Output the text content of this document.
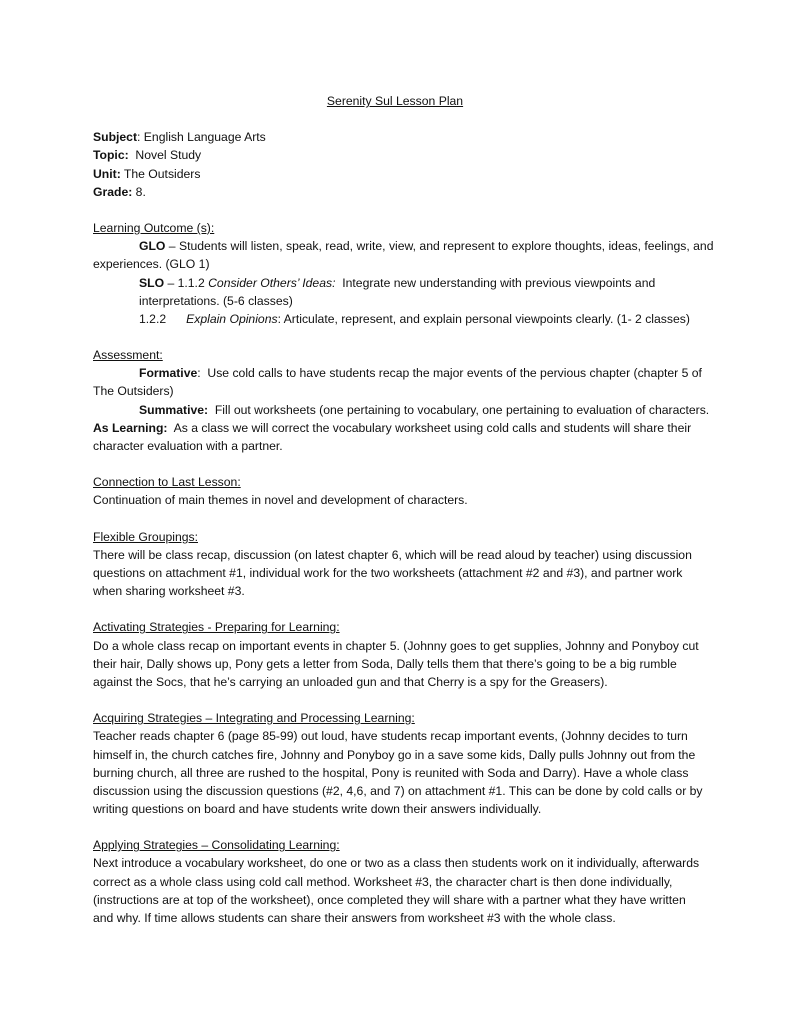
Serenity Sul Lesson Plan
Subject: English Language Arts
Topic:  Novel Study
Unit: The Outsiders
Grade: 8.
Learning Outcome (s):
GLO – Students will listen, speak, read, write, view, and represent to explore thoughts, ideas, feelings, and
experiences. (GLO 1)
SLO – 1.1.2 Consider Others’ Ideas:  Integrate new understanding with previous viewpoints and
interpretations. (5-6 classes)
1.2.2 Explain Opinions: Articulate, represent, and explain personal viewpoints clearly. (1- 2 classes)
Assessment:
Formative:  Use cold calls to have students recap the major events of the pervious chapter (chapter 5 of
The Outsiders)
Summative:  Fill out worksheets (one pertaining to vocabulary, one pertaining to evaluation of characters.
As Learning:  As a class we will correct the vocabulary worksheet using cold calls and students will share their
character evaluation with a partner.
Connection to Last Lesson:
Continuation of main themes in novel and development of characters.
Flexible Groupings:
There will be class recap, discussion (on latest chapter 6, which will be read aloud by teacher) using discussion
questions on attachment #1, individual work for the two worksheets (attachment #2 and #3), and partner work
when sharing worksheet #3.
Activating Strategies - Preparing for Learning:
Do a whole class recap on important events in chapter 5. (Johnny goes to get supplies, Johnny and Ponyboy cut
their hair, Dally shows up, Pony gets a letter from Soda, Dally tells them that there’s going to be a big rumble
against the Socs, that he’s carrying an unloaded gun and that Cherry is a spy for the Greasers).
Acquiring Strategies – Integrating and Processing Learning:
Teacher reads chapter 6 (page 85-99) out loud, have students recap important events, (Johnny decides to turn
himself in, the church catches fire, Johnny and Ponyboy go in a save some kids, Dally pulls Johnny out from the
burning church, all three are rushed to the hospital, Pony is reunited with Soda and Darry). Have a whole class
discussion using the discussion questions (#2, 4,6, and 7) on attachment #1. This can be done by cold calls or by
writing questions on board and have students write down their answers individually.
Applying Strategies – Consolidating Learning:
Next introduce a vocabulary worksheet, do one or two as a class then students work on it individually, afterwards
correct as a whole class using cold call method. Worksheet #3, the character chart is then done individually,
(instructions are at top of the worksheet), once completed they will share with a partner what they have written
and why. If time allows students can share their answers from worksheet #3 with the whole class.
